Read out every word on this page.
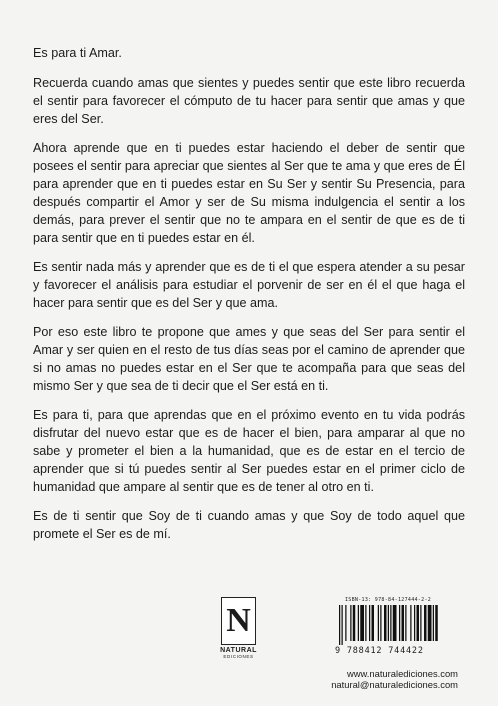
Es para ti Amar.

Recuerda cuando amas que sientes y puedes sentir que este libro recuerda el sentir para favorecer el cómputo de tu hacer para sentir que amas y que eres del Ser.

Ahora aprende que en ti puedes estar haciendo el deber de sentir que posees el sentir para apreciar que sientes al Ser que te ama y que eres de Él para aprender que en ti puedes estar en Su Ser y sentir Su Presencia, para después compartir el Amor y ser de Su misma indulgencia el sentir a los demás, para prever el sentir que no te ampara en el sentir de que es de ti para sentir que en ti puedes estar en él.

Es sentir nada más y aprender que es de ti el que espera atender a su pesar y favorecer el análisis para estudiar el porvenir de ser en él el que haga el hacer para sentir que es del Ser y que ama.

Por eso este libro te propone que ames y que seas del Ser para sentir el Amar y ser quien en el resto de tus días seas por el camino de aprender que si no amas no puedes estar en el Ser que te acompaña para que seas del mismo Ser y que sea de ti decir que el Ser está en ti.

Es para ti, para que aprendas que en el próximo evento en tu vida podrás disfrutar del nuevo estar que es de hacer el bien, para amparar al que no sabe y prometer el bien a la humanidad, que es de estar en el tercio de aprender que si tú puedes sentir al Ser puedes estar en el primer ciclo de humanidad que ampare al sentir que es de tener al otro en ti.

Es de ti sentir que Soy de ti cuando amas y que Soy de todo aquel que promete el Ser es de mí.

N
NATURAL
EDICIONES
ISBN-13: 978-84-127444-2-2
9 788412 744422
www.naturalediciones.com
natural@naturalediciones.com
